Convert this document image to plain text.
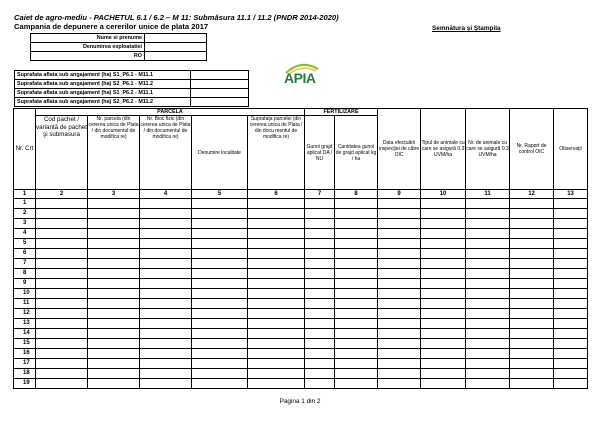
Caiet de agro-mediu - PACHETUL 6.1 / 6.2 – M 11: Submăsura 11.1 / 11.2 (PNDR 2014-2020)
Campania de depunere a cererilor unice de plata 2017	Semnătura şi Ştampila
	Nume si prenume	
	Denumirea exploatatiei	
	RO	
Suprafata aflata sub angajament (ha) S1_P6.1 - M11.1	
Suprafata aflata sub angajament (ha) S2_P6.1 - M11.2	
Suprafata aflata sub angajament (ha) S1_P6.2 - M11.1	
Suprafata aflata sub angajament (ha) S2_P6.2 - M11.2	
APIA
Nr. Crt	PARCELA					FERTILIZARE		Data efectuării inspecţiei de către OIC	Tipul de animale cu care se asigură 0.3 UVM/ha	Nr. de animale cu care se asigură 0.3 UVM/ha	Nr. Raport de control OIC	Observaţii
	Cod pachet / variantă de pachet şi submasura	Nr. parcela (din cererea unica de Plata / din documentul de modifica re)	Nr. Bloc fizic (din cererea unica de Plata / din documentul de modifica re)	Denumire localitate	Suprafaţa parcelei (din cererea unica de Plata / din docu mentul de modifica re)	Gunoi grajd aplicat DA / NU	Cantitatea gunoi de grajd aplicat kg / ha					
1	2	3	4	5	6	7	8	9	10	11	12	13
1												
2												
3												
4												
5												
6												
7												
8												
9												
10												
11												
12												
13												
14												
15												
16												
17												
18												
19												
Pagina 1 din 2
